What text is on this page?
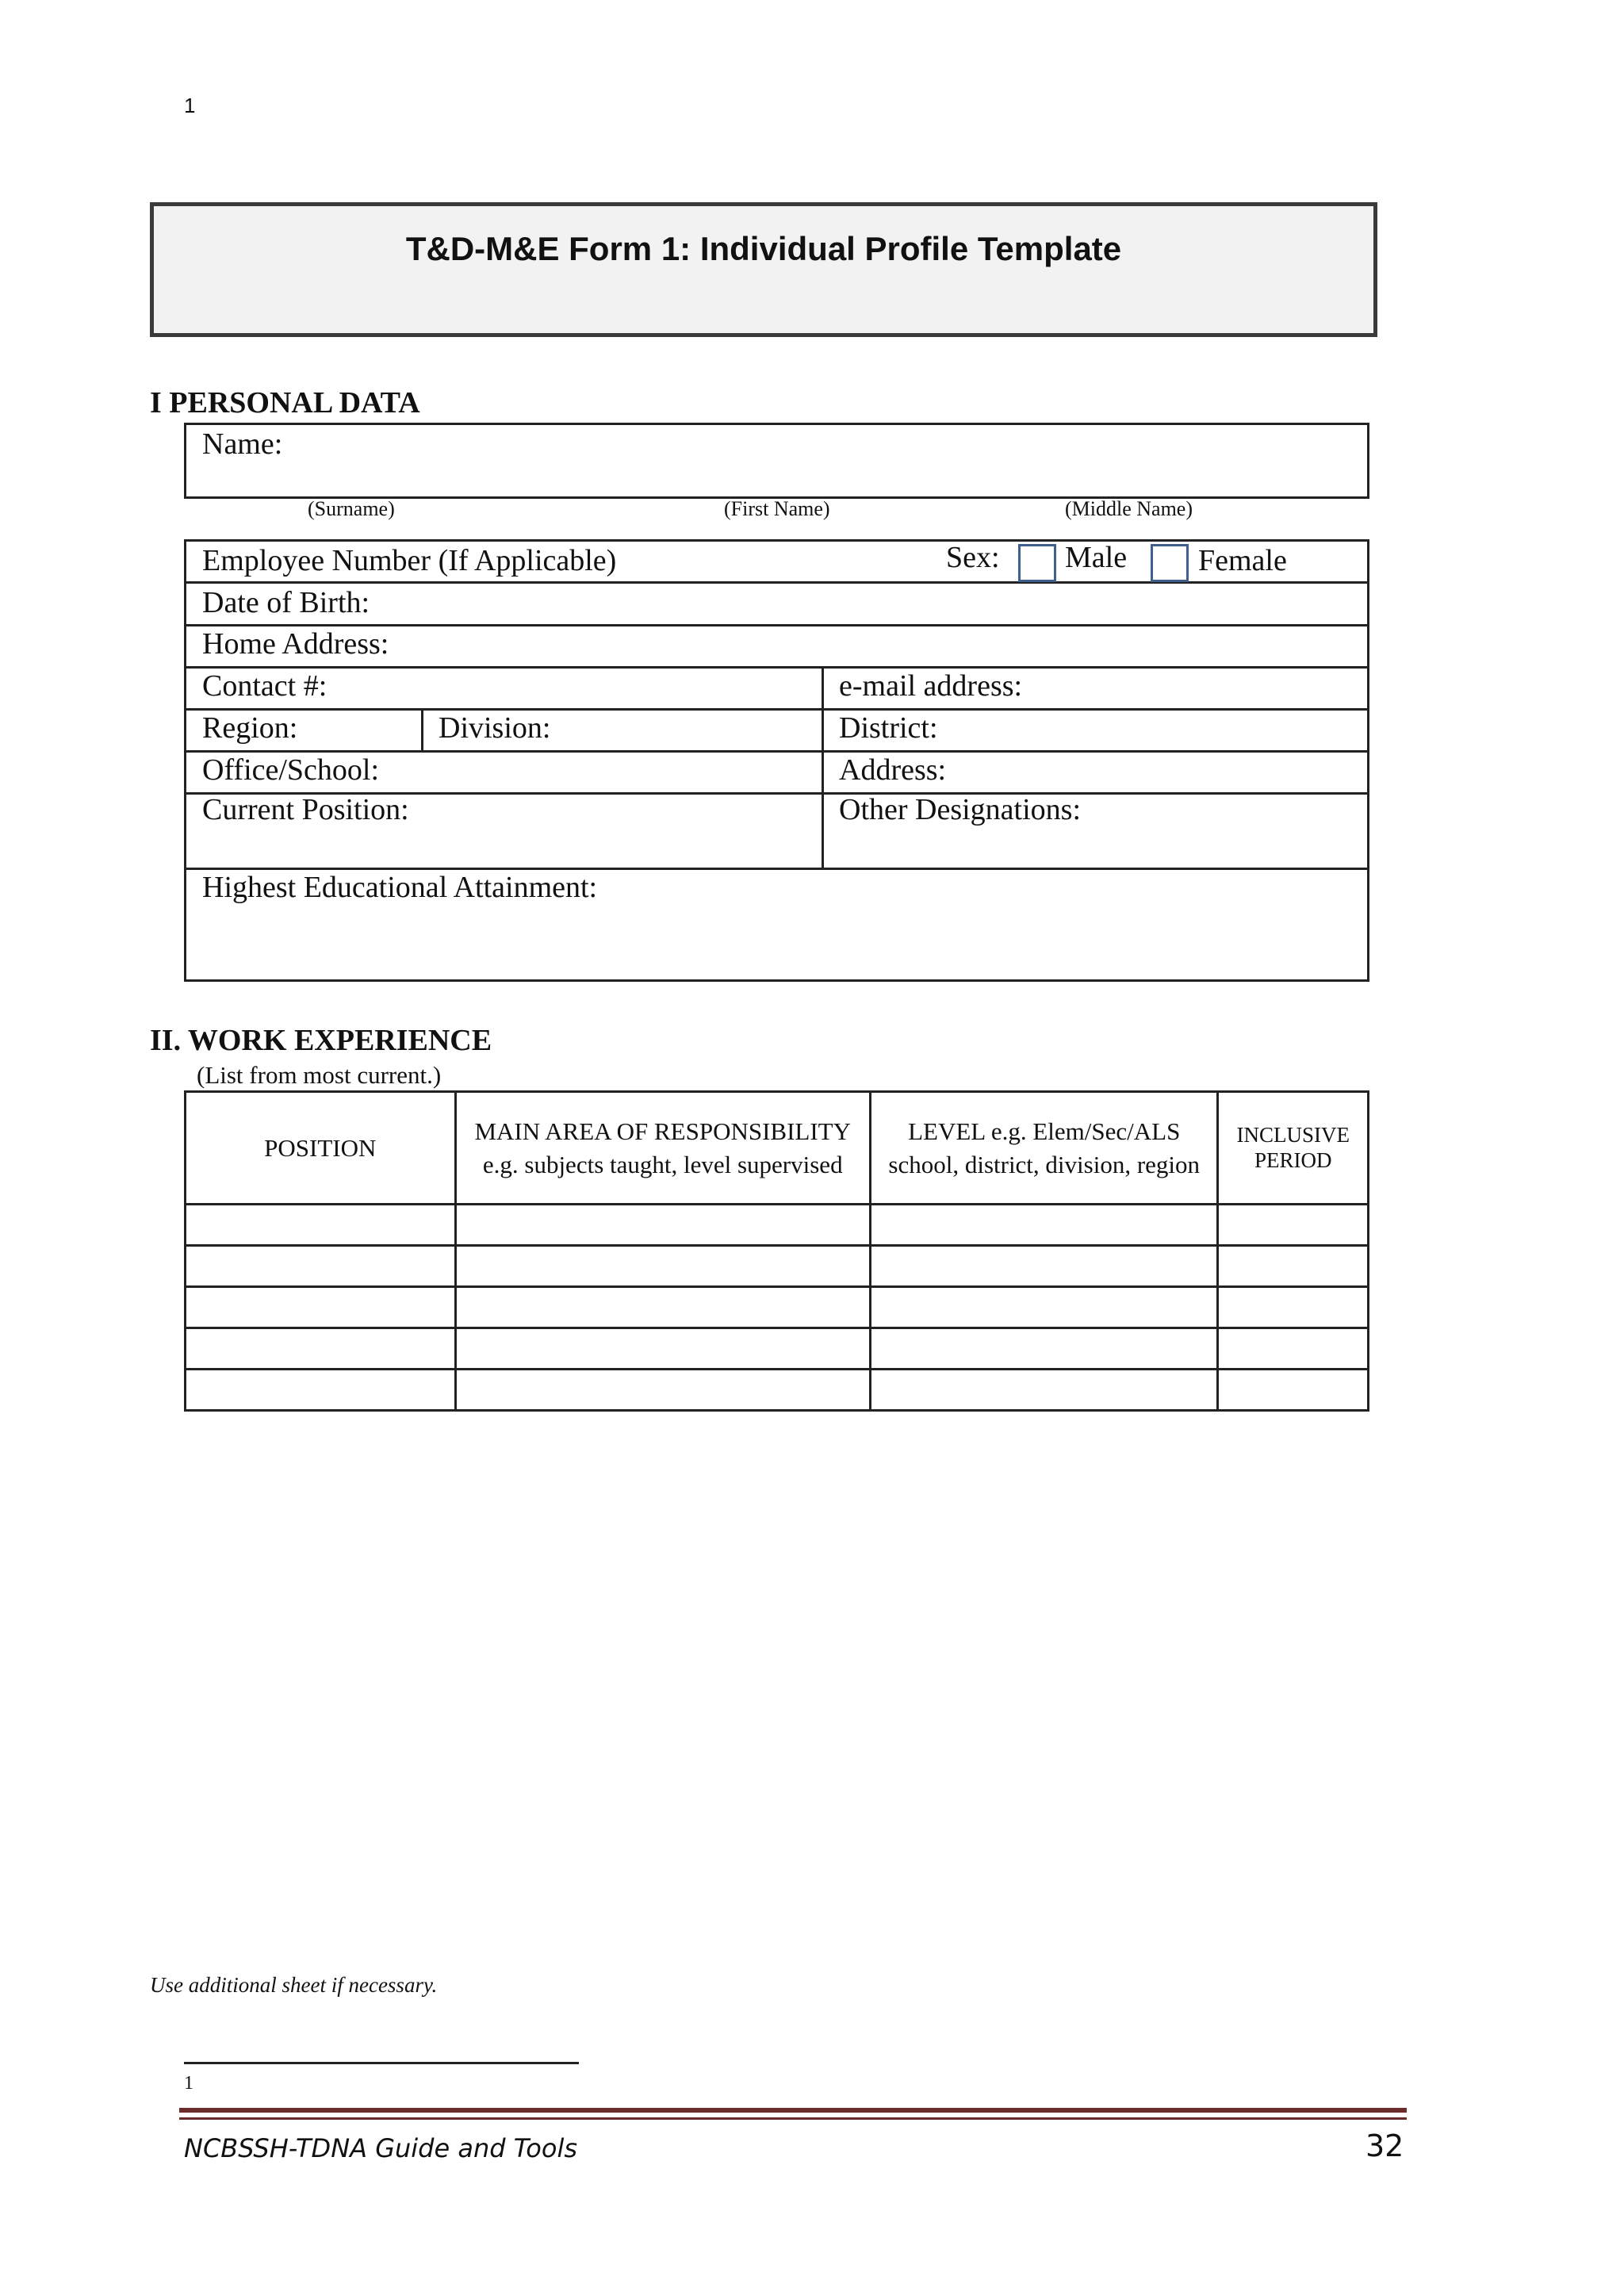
1
T&D-M&E Form 1: Individual Profile Template
I PERSONAL DATA
Name:
(Surname)	(First Name)	(Middle Name)
Employee Number (If Applicable)	Sex: Male Female
Date of Birth:
Home Address:
Contact #:	e-mail address:
Region:	Division:	District:
Office/School:	Address:
Current Position:	Other Designations:
Highest Educational Attainment:
II. WORK EXPERIENCE
(List from most current.)
POSITION	MAIN AREA OF RESPONSIBILITY e.g. subjects taught, level supervised	LEVEL e.g. Elem/Sec/ALS school, district, division, region	INCLUSIVE PERIOD

Use additional sheet if necessary.
1
NCBSSH-TDNA Guide and Tools	32
